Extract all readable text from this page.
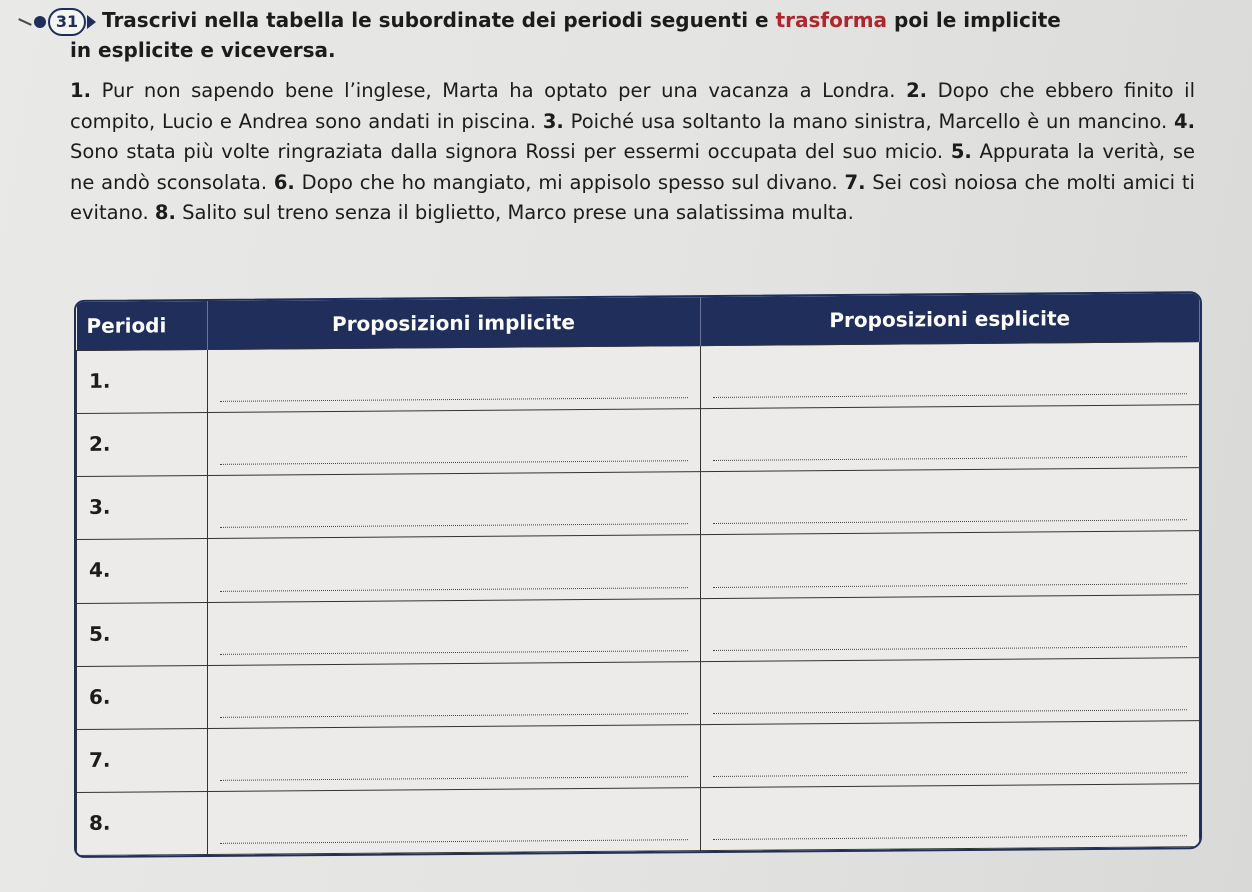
31	Trascrivi nella tabella le subordinate dei periodi seguenti e trasforma poi le implicite
in esplicite e viceversa.
1. Pur non sapendo bene l’inglese, Marta ha optato per una vacanza a Londra. 2. Dopo che ebbero finito il compito, Lucio e Andrea sono andati in piscina. 3. Poiché usa soltanto la mano sinistra, Marcello è un mancino. 4. Sono stata più volte ringraziata dalla signora Rossi per essermi occupata del suo micio. 5. Appurata la verità, se ne andò sconsolata. 6. Dopo che ho mangiato, mi appisolo spesso sul divano. 7. Sei così noiosa che molti amici ti evitano. 8. Salito sul treno senza il biglietto, Marco prese una salatissima multa.
Periodi	Proposizioni implicite	Proposizioni esplicite
1.	

2.	

3.	

4.	

5.	

6.	

7.	

8.	
